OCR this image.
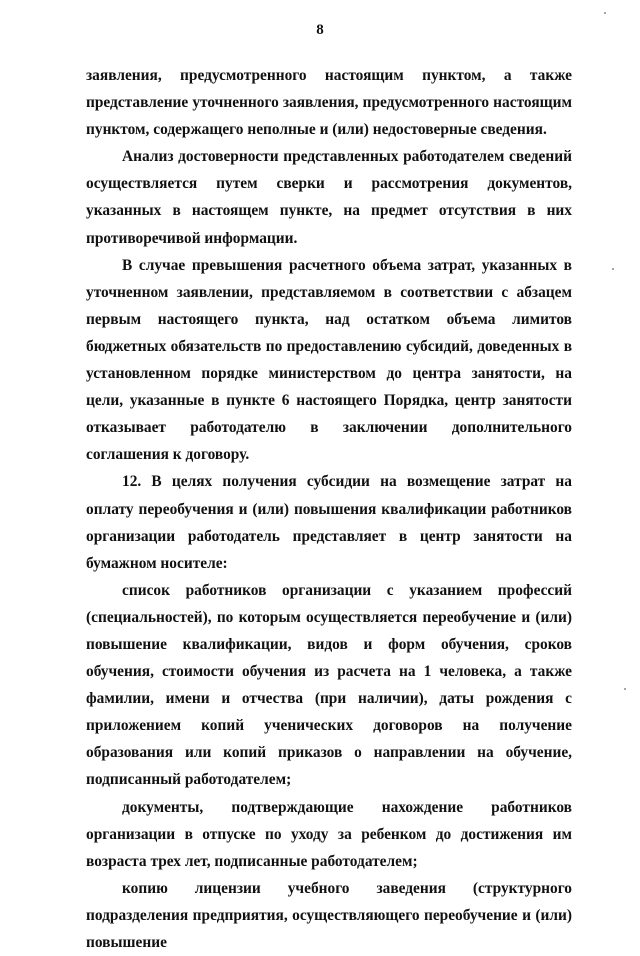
8

заявления, предусмотренного настоящим пунктом, а также представление уточненного заявления, предусмотренного настоящим пунктом, содержащего неполные и (или) недостоверные сведения.

Анализ достоверности представленных работодателем сведений осуществляется путем сверки и рассмотрения документов, указанных в настоящем пункте, на предмет отсутствия в них противоречивой информации.

В случае превышения расчетного объема затрат, указанных в уточненном заявлении, представляемом в соответствии с абзацем первым настоящего пункта, над остатком объема лимитов бюджетных обязательств по предоставлению субсидий, доведенных в установленном порядке министерством до центра занятости, на цели, указанные в пункте 6 настоящего Порядка, центр занятости отказывает работодателю в заключении дополнительного соглашения к договору.

12. В целях получения субсидии на возмещение затрат на оплату переобучения и (или) повышения квалификации работников организации работодатель представляет в центр занятости на бумажном носителе:

список работников организации с указанием профессий (специальностей), по которым осуществляется переобучение и (или) повышение квалификации, видов и форм обучения, сроков обучения, стоимости обучения из расчета на 1 человека, а также фамилии, имени и отчества (при наличии), даты рождения с приложением копий ученических договоров на получение образования или копий приказов о направлении на обучение, подписанный работодателем;

документы, подтверждающие нахождение работников организации в отпуске по уходу за ребенком до достижения им возраста трех лет, подписанные работодателем;

копию лицензии учебного заведения (структурного подразделения предприятия, осуществляющего переобучение и (или) повышение
